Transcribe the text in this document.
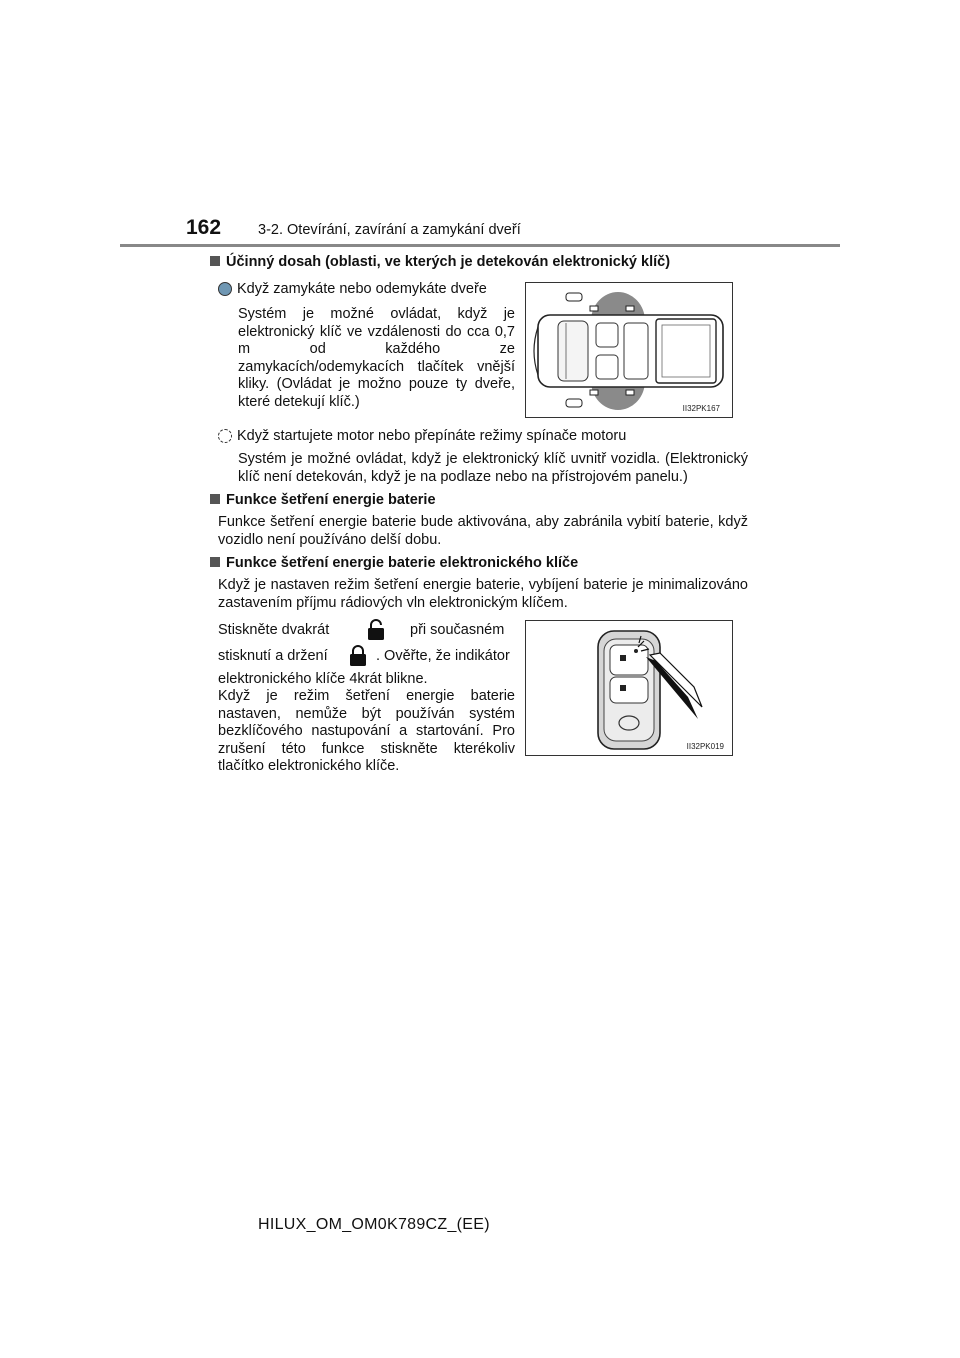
162	3-2. Otevírání, zavírání a zamykání dveří
Účinný dosah (oblasti, ve kterých je detekován elektronický klíč)
Když zamykáte nebo odemykáte dveře
Systém je možné ovládat, když je elektronický klíč ve vzdálenosti do cca 0,7 m od každého ze zamykacích/odemykacích tlačítek vnější kliky. (Ovládat je možno pouze ty dveře, které detekují klíč.)	II32PK167
Když startujete motor nebo přepínáte režimy spínače motoru
Systém je možné ovládat, když je elektronický klíč uvnitř vozidla. (Elektronický klíč není detekován, když je na podlaze nebo na přístrojovém panelu.)
Funkce šetření energie baterie
Funkce šetření energie baterie bude aktivována, aby zabránila vybití baterie, když vozidlo není používáno delší dobu.
Funkce šetření energie baterie elektronického klíče
Když je nastaven režim šetření energie baterie, vybíjení baterie je minimalizováno zastavením příjmu rádiových vln elektronickým klíčem.
Stiskněte dvakrát	při současném
stisknutí a držení	. Ověřte, že indikátor
elektronického klíče 4krát blikne.
Když je režim šetření energie baterie nastaven, nemůže být používán systém bezklíčového nastupování a startování. Pro zrušení této funkce stiskněte kterékoliv tlačítko elektronického klíče.
II32PK019
HILUX_OM_OM0K789CZ_(EE)
